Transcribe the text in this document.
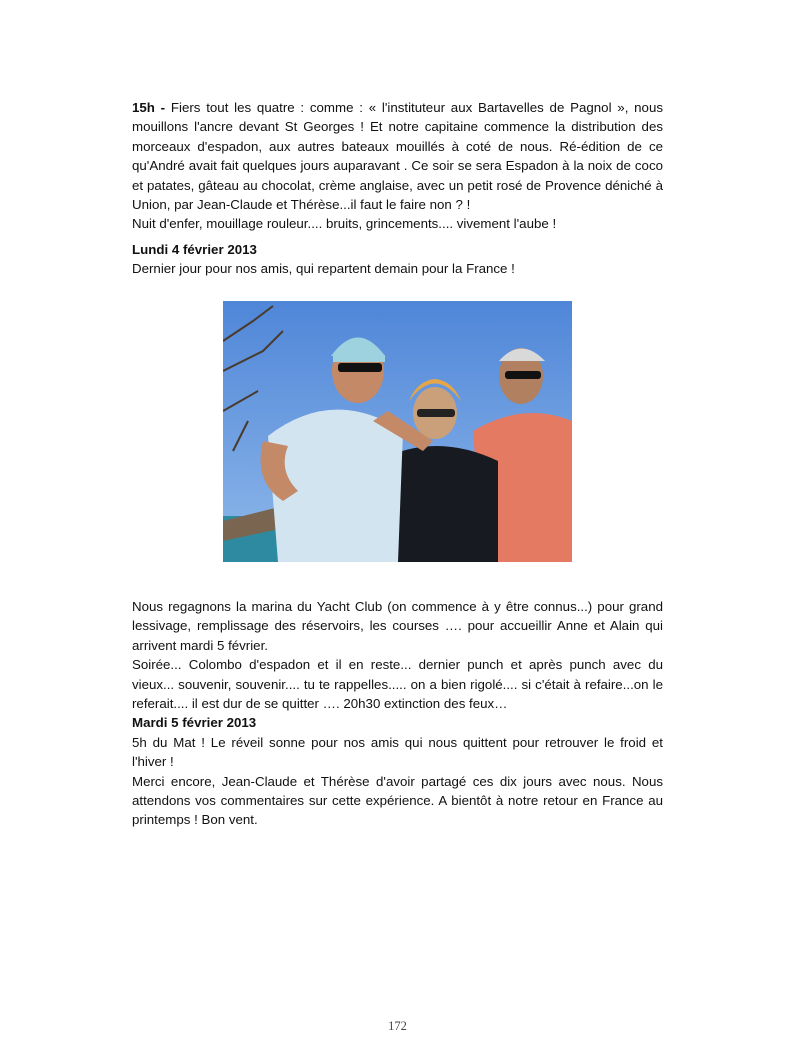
15h - Fiers tout les quatre : comme : « l'instituteur aux Bartavelles de Pagnol », nous mouillons l'ancre devant St Georges ! Et notre capitaine commence la distribution des morceaux d'espadon, aux autres bateaux mouillés à coté de nous. Ré-édition de ce qu'André avait fait quelques jours auparavant . Ce soir se sera Espadon à la noix de coco et patates, gâteau au chocolat, crème anglaise, avec un petit rosé de Provence déniché à Union, par Jean-Claude et Thérèse...il faut le faire non ? !

Nuit d'enfer, mouillage rouleur.... bruits, grincements.... vivement l'aube !

Lundi 4 février 2013

Dernier jour pour nos amis, qui repartent demain pour la France !

Nous regagnons la marina du Yacht Club (on commence à y être connus...) pour grand lessivage, remplissage des réservoirs, les courses …. pour accueillir Anne et Alain qui arrivent mardi 5 février.

Soirée... Colombo d'espadon et il en reste... dernier punch et après punch avec du vieux... souvenir, souvenir.... tu te rappelles..... on a bien rigolé.... si c'était à refaire...on le referait.... il est dur de se quitter …. 20h30 extinction des feux…

Mardi 5 février 2013

5h du Mat ! Le réveil sonne pour nos amis qui nous quittent pour retrouver le froid et l'hiver !

Merci encore, Jean-Claude et Thérèse d'avoir partagé ces dix jours avec nous. Nous attendons vos commentaires sur cette expérience. A bientôt à notre retour en France au printemps ! Bon vent.

172
